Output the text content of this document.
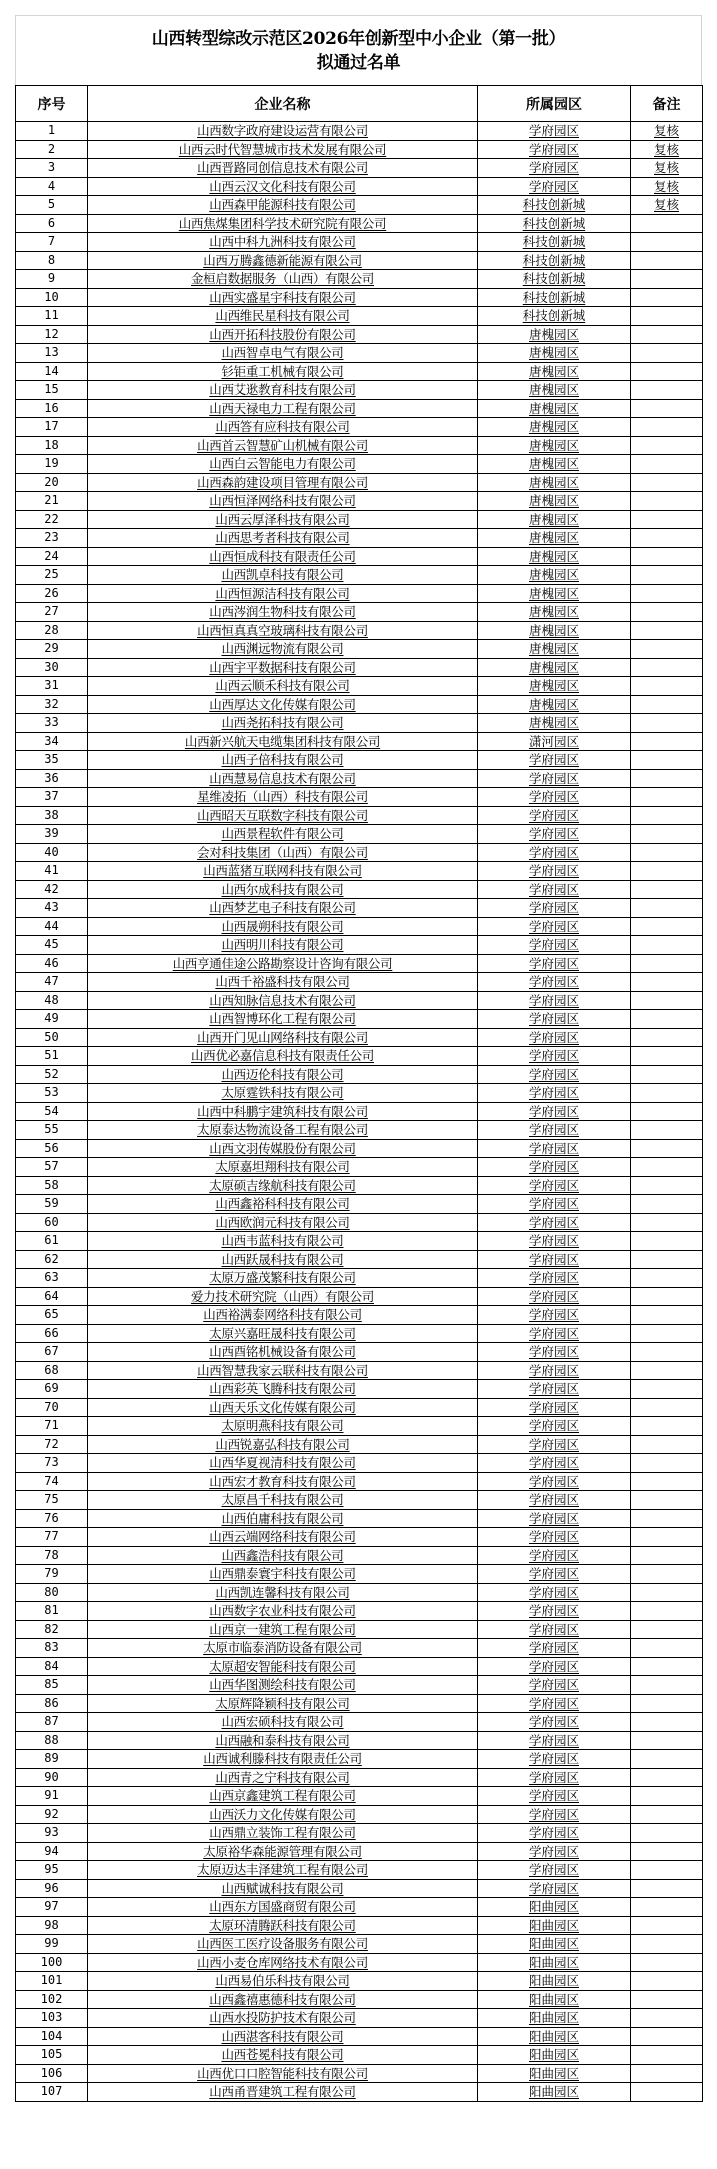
山西转型综改示范区2026年创新型中小企业（第一批）
拟通过名单
序号	企业名称	所属园区	备注
1	山西数字政府建设运营有限公司	学府园区	复核
2	山西云时代智慧城市技术发展有限公司	学府园区	复核
3	山西晋路同创信息技术有限公司	学府园区	复核
4	山西云汉文化科技有限公司	学府园区	复核
5	山西森甲能源科技有限公司	科技创新城	复核
6	山西焦煤集团科学技术研究院有限公司	科技创新城	
7	山西中科九洲科技有限公司	科技创新城	
8	山西万腾鑫德新能源有限公司	科技创新城	
9	金桓启数据服务（山西）有限公司	科技创新城	
10	山西实盛星宇科技有限公司	科技创新城	
11	山西维民星科技有限公司	科技创新城	
12	山西开拓科技股份有限公司	唐槐园区	
13	山西智卓电气有限公司	唐槐园区	
14	钐钜重工机械有限公司	唐槐园区	
15	山西艾逖教育科技有限公司	唐槐园区	
16	山西天禄电力工程有限公司	唐槐园区	
17	山西答有应科技有限公司	唐槐园区	
18	山西首云智慧矿山机械有限公司	唐槐园区	
19	山西白云智能电力有限公司	唐槐园区	
20	山西森韵建设项目管理有限公司	唐槐园区	
21	山西恒泽网络科技有限公司	唐槐园区	
22	山西云厚泽科技有限公司	唐槐园区	
23	山西思考者科技有限公司	唐槐园区	
24	山西恒成科技有限责任公司	唐槐园区	
25	山西凯卓科技有限公司	唐槐园区	
26	山西恒源洁科技有限公司	唐槐园区	
27	山西涔润生物科技有限公司	唐槐园区	
28	山西恒真真空玻璃科技有限公司	唐槐园区	
29	山西渊远物流有限公司	唐槐园区	
30	山西宇平数据科技有限公司	唐槐园区	
31	山西云顺禾科技有限公司	唐槐园区	
32	山西厚达文化传媒有限公司	唐槐园区	
33	山西尧拓科技有限公司	唐槐园区	
34	山西新兴航天电缆集团科技有限公司	潇河园区	
35	山西子倍科技有限公司	学府园区	
36	山西慧易信息技术有限公司	学府园区	
37	星维凌拓（山西）科技有限公司	学府园区	
38	山西昭天互联数字科技有限公司	学府园区	
39	山西景程软件有限公司	学府园区	
40	会对科技集团（山西）有限公司	学府园区	
41	山西蓝猪互联网科技有限公司	学府园区	
42	山西尔成科技有限公司	学府园区	
43	山西梦艺电子科技有限公司	学府园区	
44	山西晟朔科技有限公司	学府园区	
45	山西明川科技有限公司	学府园区	
46	山西亨通佳途公路勘察设计咨询有限公司	学府园区	
47	山西千裕盛科技有限公司	学府园区	
48	山西知脉信息技术有限公司	学府园区	
49	山西智博环化工程有限公司	学府园区	
50	山西开门见山网络科技有限公司	学府园区	
51	山西优必嘉信息科技有限责任公司	学府园区	
52	山西迈伦科技有限公司	学府园区	
53	太原霆铁科技有限公司	学府园区	
54	山西中科鹏宇建筑科技有限公司	学府园区	
55	太原泰达物流设备工程有限公司	学府园区	
56	山西文羽传媒股份有限公司	学府园区	
57	太原嘉坦翔科技有限公司	学府园区	
58	太原硕吉缘航科技有限公司	学府园区	
59	山西鑫裕科科技有限公司	学府园区	
60	山西欧润元科技有限公司	学府园区	
61	山西韦蓝科技有限公司	学府园区	
62	山西跃晟科技有限公司	学府园区	
63	太原万盛茂繁科技有限公司	学府园区	
64	爱力技术研究院（山西）有限公司	学府园区	
65	山西裕满泰网络科技有限公司	学府园区	
66	太原兴嘉旺晟科技有限公司	学府园区	
67	山西酉铭机械设备有限公司	学府园区	
68	山西智慧我家云联科技有限公司	学府园区	
69	山西彩英飞腾科技有限公司	学府园区	
70	山西天乐文化传媒有限公司	学府园区	
71	太原明燕科技有限公司	学府园区	
72	山西锐嘉弘科技有限公司	学府园区	
73	山西华夏视清科技有限公司	学府园区	
74	山西宏才教育科技有限公司	学府园区	
75	太原昌千科技有限公司	学府园区	
76	山西伯庸科技有限公司	学府园区	
77	山西云端网络科技有限公司	学府园区	
78	山西鑫浩科技有限公司	学府园区	
79	山西鼎泰寰宇科技有限公司	学府园区	
80	山西凯连馨科技有限公司	学府园区	
81	山西数字农业科技有限公司	学府园区	
82	山西京一建筑工程有限公司	学府园区	
83	太原市临泰消防设备有限公司	学府园区	
84	太原超安智能科技有限公司	学府园区	
85	山西华图测绘科技有限公司	学府园区	
86	太原辉降颖科技有限公司	学府园区	
87	山西宏硕科技有限公司	学府园区	
88	山西融和泰科技有限公司	学府园区	
89	山西诚利滕科技有限责任公司	学府园区	
90	山西青之宁科技有限公司	学府园区	
91	山西京鑫建筑工程有限公司	学府园区	
92	山西沃力文化传媒有限公司	学府园区	
93	山西鼎立装饰工程有限公司	学府园区	
94	太原裕华森能源管理有限公司	学府园区	
95	太原迈达丰泽建筑工程有限公司	学府园区	
96	山西赋诚科技有限公司	学府园区	
97	山西东方国盛商贸有限公司	阳曲园区	
98	太原环清腾跃科技有限公司	阳曲园区	
99	山西医工医疗设备服务有限公司	阳曲园区	
100	山西小麦仓库网络技术有限公司	阳曲园区	
101	山西易伯乐科技有限公司	阳曲园区	
102	山西鑫禧惠德科技有限公司	阳曲园区	
103	山西水投防护技术有限公司	阳曲园区	
104	山西湛客科技有限公司	阳曲园区	
105	山西苍冕科技有限公司	阳曲园区	
106	山西优口口腔智能科技有限公司	阳曲园区	
107	山西甬晋建筑工程有限公司	阳曲园区	
